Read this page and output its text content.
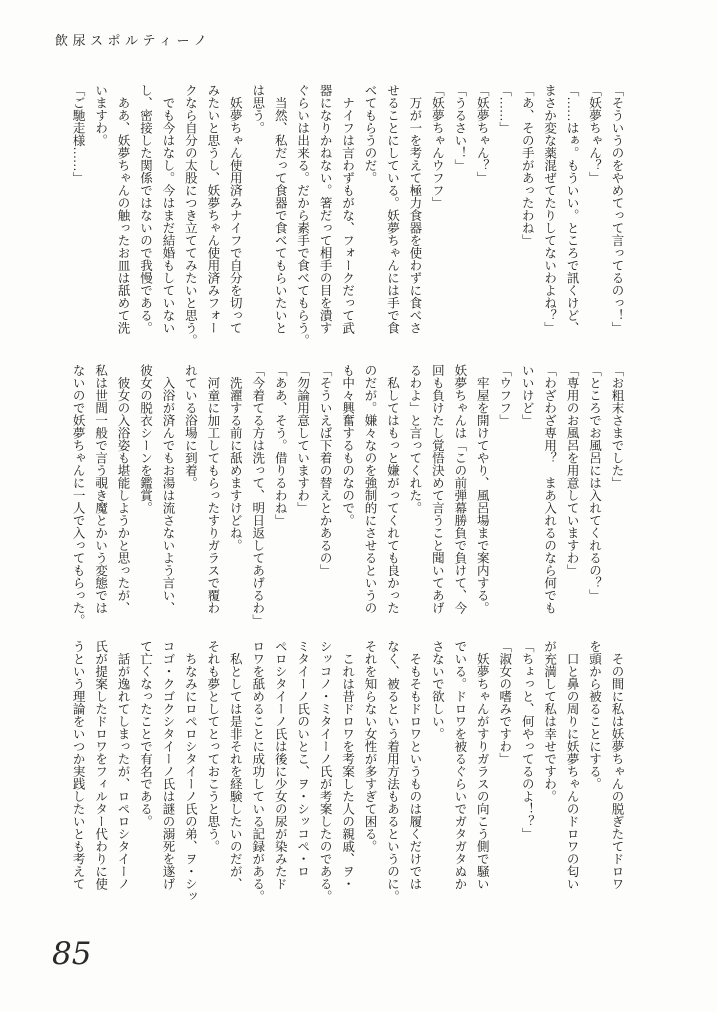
飲尿スポルティーノ
「そういうのをやめてって言ってるのっ！」
「妖夢ちゃん？」
「……はぁ。もういい。ところで訊くけど、
まさか変な薬混ぜてたりしてないわよね？」
「あ、その手があったわね」
「……」
「妖夢ちゃん？」
「うるさい！」
「妖夢ちゃんウフフ」
　万が一を考えて極力食器を使わずに食べさ
せることにしている。妖夢ちゃんには手で食
べてもらうのだ。
　ナイフは言わずもがな、フォークだって武
器になりかねない。箸だって相手の目を潰す
ぐらいは出来る。だから素手で食べてもらう。
　当然、私だって食器で食べてもらいたいと
は思う。
　妖夢ちゃん使用済みナイフで自分を切って
みたいと思うし、妖夢ちゃん使用済みフォー
クなら自分の太股につき立ててみたいと思う。
　でも今はなし。今はまだ結婚もしていない
し、密接した関係ではないので我慢である。
　ああ、妖夢ちゃんの触ったお皿は舐めて洗
いますわ。
「ご馳走様……」
「お粗末さまでした」
「ところでお風呂には入れてくれるの？」
「専用のお風呂を用意していますわ」
「わざわざ専用？　まあ入れるのなら何でも
いいけど」
「ウフフ」
　牢屋を開けてやり、風呂場まで案内する。
妖夢ちゃんは「この前弾幕勝負で負けて、今
回も負けたし覚悟決めて言うこと聞いてあげ
るわよ」と言ってくれた。
　私してはもっと嫌がってくれても良かった
のだが。嫌々なのを強制的にさせるというの
も中々興奮するものなので。
「そういえば下着の替えとかあるの」
「勿論用意していますわ」
「ああ、そう。借りるわね」
「今着てる方は洗って、明日返してあげるわ」
　洗濯する前に舐めますけどね。
　河童に加工してもらったすりガラスで覆わ
れている浴場に到着。
　入浴が済んでもお湯は流さないよう言い、
彼女の脱衣シーンを鑑賞。
　彼女の入浴姿も堪能しようかと思ったが、
私は世間一般で言う覗き魔とかいう変態では
ないので妖夢ちゃんに一人で入ってもらった。
　その間に私は妖夢ちゃんの脱ぎたてドロワ
を頭から被ることにする。
　口と鼻の周りに妖夢ちゃんのドロワの匂い
が充満して私は幸せですわ。
「ちょっと、何やってるのよ！？」
「淑女の嗜みですわ」
　妖夢ちゃんがすりガラスの向こう側で騒い
でいる。ドロワを被るぐらいでガタガタぬか
さないで欲しい。
　そもそもドロワというものは履くだけでは
なく、被るという着用方法もあるというのに。
それを知らない女性が多すぎて困る。
　これは昔ドロワを考案した人の親戚、ヲ・
シッコノ・ミタイーノ氏が考案したのである。
ミタイーノ氏のいとこ、ヲ・シッコペ・ロ
ペロシタイーノ氏は後に少女の尿が染みたド
ロワを舐めることに成功している記録がある。
　私としては是非それを経験したいのだが、
それも夢としてとっておこうと思う。
　ちなみにロペロシタイーノ氏の弟、ヲ・シッ
コゴ・クゴクシタイーノ氏は謎の溺死を遂げ
て亡くなったことで有名である。
　話が逸れてしまったが、ロペロシタイーノ
氏が提案したドロワをフィルター代わりに使
うという理論をいつか実践したいとも考えて
85
